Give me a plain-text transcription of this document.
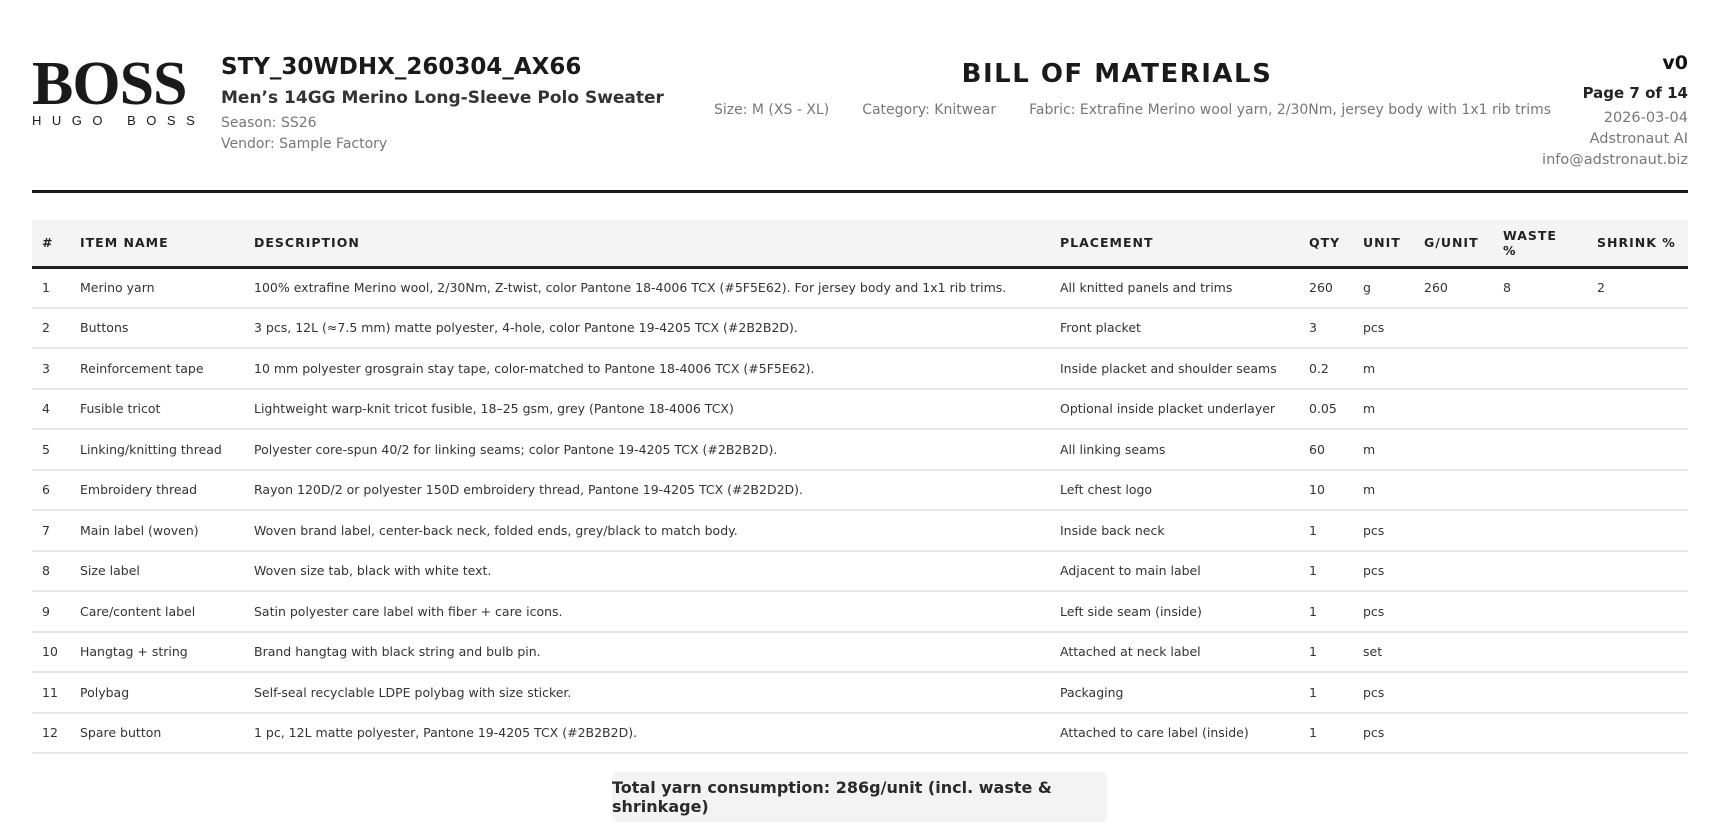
BOSS
HUGO BOSS
STY_30WDHX_260304_AX66
Men’s 14GG Merino Long-Sleeve Polo Sweater
Season: SS26
Vendor: Sample Factory
BILL OF MATERIALS
Size: M (XS - XL) Category: Knitwear Fabric: Extrafine Merino wool yarn, 2/30Nm, jersey body with 1x1 rib trims
v0
Page 7 of 14
2026-03-04
Adstronaut AI
info@adstronaut.biz
#	ITEM NAME	DESCRIPTION	PLACEMENT	QTY	UNIT	G/UNIT	WASTE %	SHRINK %
1	Merino yarn	100% extrafine Merino wool, 2/30Nm, Z-twist, color Pantone 18-4006 TCX (#5F5E62). For jersey body and 1x1 rib trims.	All knitted panels and trims	260	g	260	8	2
2	Buttons	3 pcs, 12L (≈7.5 mm) matte polyester, 4-hole, color Pantone 19-4205 TCX (#2B2B2D).	Front placket	3	pcs			
3	Reinforcement tape	10 mm polyester grosgrain stay tape, color-matched to Pantone 18-4006 TCX (#5F5E62).	Inside placket and shoulder seams	0.2	m			
4	Fusible tricot	Lightweight warp-knit tricot fusible, 18–25 gsm, grey (Pantone 18-4006 TCX)	Optional inside placket underlayer	0.05	m			
5	Linking/knitting thread	Polyester core-spun 40/2 for linking seams; color Pantone 19-4205 TCX (#2B2B2D).	All linking seams	60	m			
6	Embroidery thread	Rayon 120D/2 or polyester 150D embroidery thread, Pantone 19-4205 TCX (#2B2D2D).	Left chest logo	10	m			
7	Main label (woven)	Woven brand label, center-back neck, folded ends, grey/black to match body.	Inside back neck	1	pcs			
8	Size label	Woven size tab, black with white text.	Adjacent to main label	1	pcs			
9	Care/content label	Satin polyester care label with fiber + care icons.	Left side seam (inside)	1	pcs			
10	Hangtag + string	Brand hangtag with black string and bulb pin.	Attached at neck label	1	set			
11	Polybag	Self-seal recyclable LDPE polybag with size sticker.	Packaging	1	pcs			
12	Spare button	1 pc, 12L matte polyester, Pantone 19-4205 TCX (#2B2B2D).	Attached to care label (inside)	1	pcs			
Total yarn consumption: 286g/unit (incl. waste & shrinkage)
